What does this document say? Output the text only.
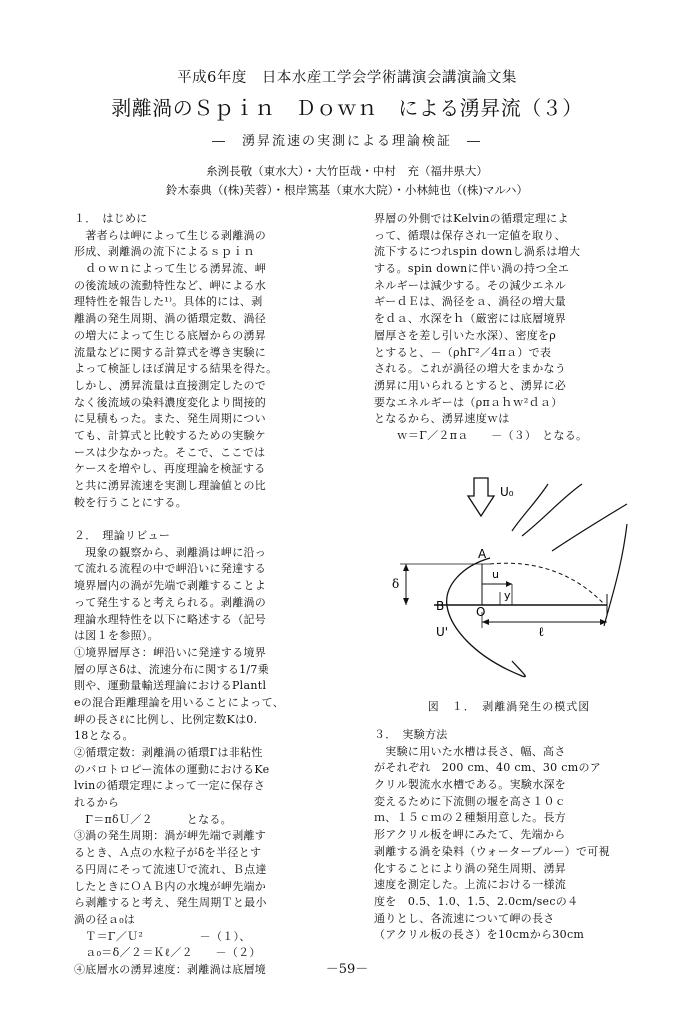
平成6年度　日本水産工学会学術講演会講演論文集
剥離渦のＳｐｉｎ　Ｄｏｗｎ　による湧昇流（３）
―　湧昇流速の実測による理論検証　―
糸洌長敬（東水大）・大竹臣哉・中村　充（福井県大）
鈴木泰典（(株)芙蓉）・根岸篤基（東水大院）・小林純也（(株)マルハ）
１．　はじめに
　著者らは岬によって生じる剥離渦の
形成、剥離渦の流下によるｓｐｉｎ
　ｄｏｗｎによって生じる湧昇流、岬
の後流域の流動特性など、岬による水
理特性を報告した¹⁾。具体的には、剥
離渦の発生周期、渦の循環定数、渦径
の増大によって生じる底層からの湧昇
流量などに関する計算式を導き実験に
よって検証しほぼ満足する結果を得た。
しかし、湧昇流量は直接測定したので
なく後流域の染料濃度変化より間接的
に見積もった。また、発生周期につい
ても、計算式と比較するための実験ケ
ースは少なかった。そこで、ここでは
ケースを増やし、再度理論を検証する
と共に湧昇流速を実測し理論値との比
較を行うことにする。
２．　理論リビュー
　現象の観察から、剥離渦は岬に沿っ
て流れる流程の中で岬沿いに発達する
境界層内の渦が先端で剥離することよ
って発生すると考えられる。剥離渦の
理論水理特性を以下に略述する（記号
は図１を参照）。
①境界層厚さ：岬沿いに発達する境界
層の厚さδは、流速分布に関する1/7乗
則や、運動量輸送理論におけるPlantl
eの混合距離理論を用いることによって、
岬の長さℓに比例し、比例定数Kは0.
18となる。
②循環定数：剥離渦の循環Γは非粘性
のバロトロピー流体の運動におけるKe
lvinの循環定理によって一定に保存さ
れるから
　Γ＝πδＵ／２　　　となる。
③渦の発生周期：渦が岬先端で剥離す
るとき、Ａ点の水粒子がδを半径とす
る円周にそって流速Ｕで流れ、Ｂ点達
したときにＯＡＢ内の水塊が岬先端か
ら剥離すると考え、発生周期Ｔと最小
渦の径ａ₀は
　Ｔ＝Γ／Ｕ²　　　　　－（１）、
　ａ₀＝δ／２＝Ｋℓ／２　　－（２）
④底層水の湧昇速度：剥離渦は底層境
界層の外側ではKelvinの循環定理によ
って、循環は保存され一定値を取り、
流下するにつれspin downし渦系は増大
する。spin downに伴い渦の持つ全エ
ネルギーは減少する。その減少エネル
ギーｄＥは、渦径をａ、渦径の増大量
をｄａ、水深をｈ（厳密には底層境界
層厚さを差し引いた水深）、密度をρ
とすると、－（ρhΓ²／4πａ）で表
される。これが渦径の増大をまかなう
湧昇に用いられるとすると、湧昇に必
要なエネルギーは（ρπａｈｗ²ｄａ）
となるから、湧昇速度ｗは
　　ｗ＝Γ／２πａ　　－（３）　となる。
U₀
A
B	O
U'
u
y
δ
ℓ
図　１．　剥離渦発生の模式図
３．　実験方法
　実験に用いた水槽は長さ、幅、高さ
がそれぞれ　200 cm、40 cm、30 cmのア
クリル製流水水槽である。実験水深を
変えるために下流側の堰を高さ１０ｃ
ｍ、１５ｃｍの２種類用意した。長方
形アクリル板を岬にみたて、先端から
剥離する渦を染料（ウォーターブルー）で可視
化することにより渦の発生周期、湧昇
速度を測定した。上流における一様流
度を　0.5、1.0、1.5、2.0cm/secの４
通りとし、各流速について岬の長さ
（アクリル板の長さ）を10cmから30cm
－59－
